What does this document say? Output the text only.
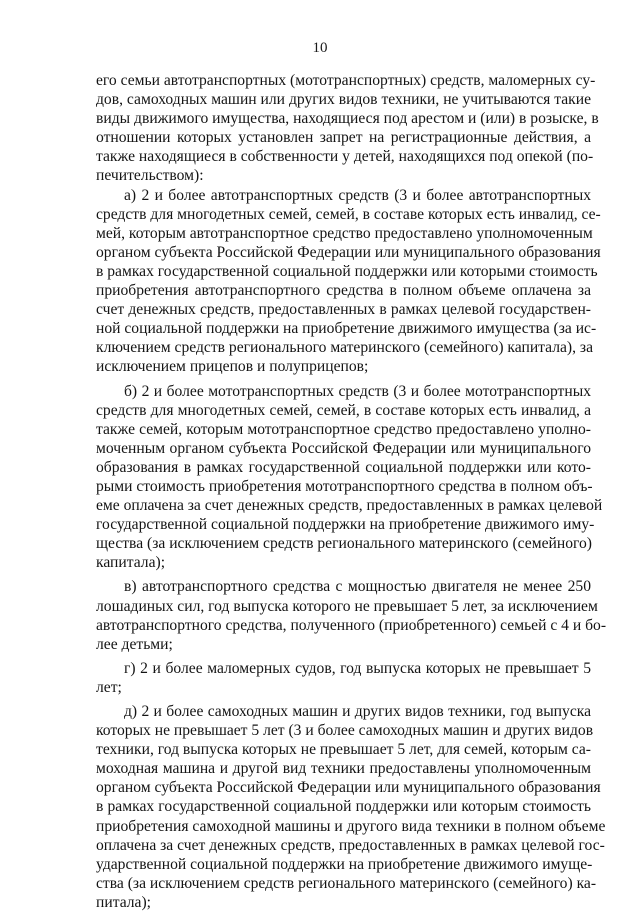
10

его семьи автотранспортных (мототранспортных) средств, маломерных су-
дов, самоходных машин или других видов техники, не учитываются такие
виды движимого имущества, находящиеся под арестом и (или) в розыске, в
отношении которых установлен запрет на регистрационные действия, а
также находящиеся в собственности у детей, находящихся под опекой (по-
печительством):

а) 2 и более автотранспортных средств (3 и более автотранспортных
средств для многодетных семей, семей, в составе которых есть инвалид, се-
мей, которым автотранспортное средство предоставлено уполномоченным
органом субъекта Российской Федерации или муниципального образования
в рамках государственной социальной поддержки или которыми стоимость
приобретения автотранспортного средства в полном объеме оплачена за
счет денежных средств, предоставленных в рамках целевой государствен-
ной социальной поддержки на приобретение движимого имущества (за ис-
ключением средств регионального материнского (семейного) капитала), за
исключением прицепов и полуприцепов;

б) 2 и более мототранспортных средств (3 и более мототранспортных
средств для многодетных семей, семей, в составе которых есть инвалид, а
также семей, которым мототранспортное средство предоставлено уполно-
моченным органом субъекта Российской Федерации или муниципального
образования в рамках государственной социальной поддержки или кото-
рыми стоимость приобретения мототранспортного средства в полном объ-
еме оплачена за счет денежных средств, предоставленных в рамках целевой
государственной социальной поддержки на приобретение движимого иму-
щества (за исключением средств регионального материнского (семейного)
капитала);

в) автотранспортного средства с мощностью двигателя не менее 250
лошадиных сил, год выпуска которого не превышает 5 лет, за исключением
автотранспортного средства, полученного (приобретенного) семьей с 4 и бо-
лее детьми;

г) 2 и более маломерных судов, год выпуска которых не превышает 5
лет;

д) 2 и более самоходных машин и других видов техники, год выпуска
которых не превышает 5 лет (3 и более самоходных машин и других видов
техники, год выпуска которых не превышает 5 лет, для семей, которым са-
моходная машина и другой вид техники предоставлены уполномоченным
органом субъекта Российской Федерации или муниципального образования
в рамках государственной социальной поддержки или которым стоимость
приобретения самоходной машины и другого вида техники в полном объеме
оплачена за счет денежных средств, предоставленных в рамках целевой гос-
ударственной социальной поддержки на приобретение движимого имуще-
ства (за исключением средств регионального материнского (семейного) ка-
питала);
